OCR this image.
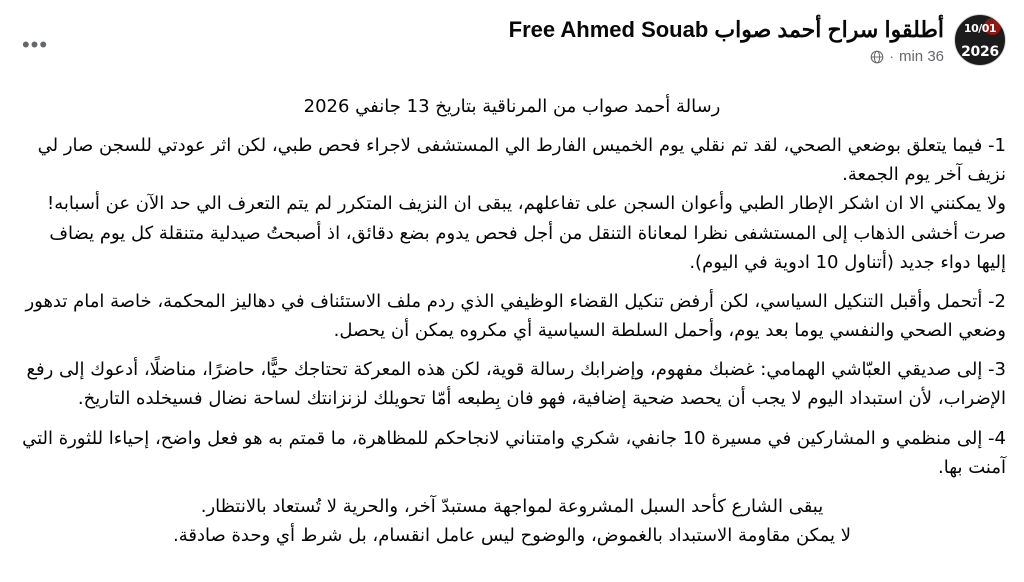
10/01
2026
أطلقوا سراح أحمد صواب Free Ahmed Souab
36 min
·
•••

رسالة أحمد صواب من المرناقية بتاريخ 13 جانفي 2026

1- فيما يتعلق بوضعي الصحي، لقد تم نقلي يوم الخميس الفارط الي المستشفى لاجراء فحص طبي، لكن اثر عودتي للسجن صار لي نزيف آخر يوم الجمعة.

ولا يمكنني الا ان اشكر الإطار الطبي وأعوان السجن على تفاعلهم، يبقى ان النزيف المتكرر لم يتم التعرف الي حد الآن عن أسبابه!

صرت أخشى الذهاب إلى المستشفى نظرا لمعاناة التنقل من أجل فحص يدوم بضع دقائق، اذ أصبحتُ صيدلية متنقلة كل يوم يضاف إليها دواء جديد (أتناول 10 ادوية في اليوم).

2- أتحمل وأقبل التنكيل السياسي، لكن أرفض تنكيل القضاء الوظيفي الذي ردم ملف الاستئناف في دهاليز المحكمة، خاصة امام تدهور وضعي الصحي والنفسي يوما بعد يوم، وأحمل السلطة السياسية أي مكروه يمكن أن يحصل.

3- إلى صديقي العبّاشي الهمامي: غضبك مفهوم، وإضرابك رسالة قوية، لكن هذه المعركة تحتاجك حيًّا، حاضرًا، مناضلًا، أدعوك إلى رفع الإضراب، لأن استبداد اليوم لا يجب أن يحصد ضحية إضافية، فهو فان بِطبعه أمّا تحويلك لزنزانتك لساحة نضال فسيخلده التاريخ.

4- إلى منظمي و المشاركين في مسيرة 10 جانفي، شكري وامتناني لانجاحكم للمظاهرة، ما قمتم به هو فعل واضح، إحياءا للثورة التي آمنت بها.

يبقى الشارع كأحد السبل المشروعة لمواجهة مستبدّ آخر، والحرية لا تُستعاد بالانتظار.

لا يمكن مقاومة الاستبداد بالغموض، والوضوح ليس عامل انقسام، بل شرط أي وحدة صادقة.
